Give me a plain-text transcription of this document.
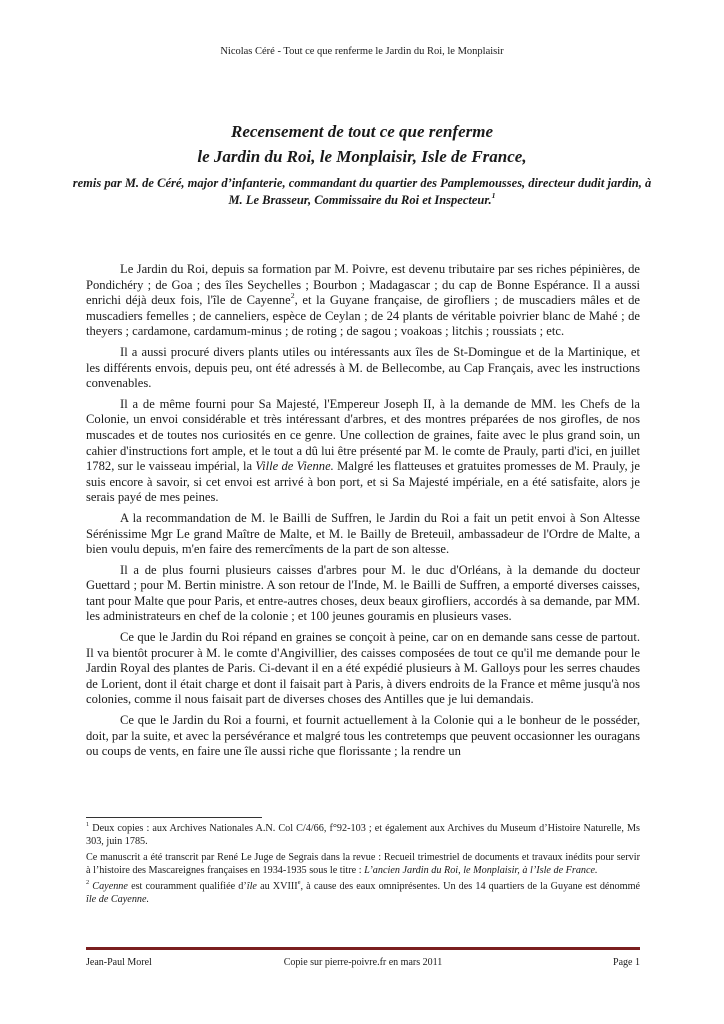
Nicolas Céré - Tout ce que renferme le Jardin du Roi, le Monplaisir
Recensement de tout ce que renferme
le Jardin du Roi, le Monplaisir, Isle de France,
remis par M. de Céré, major d’infanterie, commandant du quartier des Pamplemousses, directeur dudit jardin, à M. Le Brasseur, Commissaire du Roi et Inspecteur.$^1$

Le Jardin du Roi, depuis sa formation par M. Poivre, est devenu tributaire par ses riches pépinières, de Pondichéry ; de Goa ; des îles Seychelles ; Bourbon ; Madagascar ; du cap de Bonne Espérance. Il a aussi enrichi déjà deux fois, l'île de Cayenne$^2$, et la Guyane française, de girofliers ; de muscadiers mâles et de muscadiers femelles ; de canneliers, espèce de Ceylan ; de 24 plants de véritable poivrier blanc de Mahé ; de theyers ; cardamone, cardamum-minus ; de roting ; de sagou ; voakoas ; litchis ; roussiats ; etc.

Il a aussi procuré divers plants utiles ou intéressants aux îles de St-Domingue et de la Martinique, et les différents envois, depuis peu, ont été adressés à M. de Bellecombe, au Cap Français, avec les instructions convenables.

Il a de même fourni pour Sa Majesté, l'Empereur Joseph II, à la demande de MM. les Chefs de la Colonie, un envoi considérable et très intéressant d'arbres, et des montres préparées de nos girofles, de nos muscades et de toutes nos curiosités en ce genre. Une collection de graines, faite avec le plus grand soin, un cahier d'instructions fort ample, et le tout a dû lui être présenté par M. le comte de Prauly, parti d'ici, en juillet 1782, sur le vaisseau impérial, la Ville de Vienne. Malgré les flatteuses et gratuites promesses de M. Prauly, je suis encore à savoir, si cet envoi est arrivé à bon port, et si Sa Majesté impériale, en a été satisfaite, alors je serais payé de mes peines.

A la recommandation de M. le Bailli de Suffren, le Jardin du Roi a fait un petit envoi à Son Altesse Sérénissime Mgr Le grand Maître de Malte, et M. le Bailly de Breteuil, ambassadeur de l'Ordre de Malte, a bien voulu depuis, m'en faire des remercîments de la part de son altesse.

Il a de plus fourni plusieurs caisses d'arbres pour M. le duc d'Orléans, à la demande du docteur Guettard ; pour M. Bertin ministre. A son retour de l'Inde, M. le Bailli de Suffren, a emporté diverses caisses, tant pour Malte que pour Paris, et entre-autres choses, deux beaux girofliers, accordés à sa demande, par MM. les administrateurs en chef de la colonie ; et 100 jeunes gouramis en plusieurs vases.

Ce que le Jardin du Roi répand en graines se conçoit à peine, car on en demande sans cesse de partout. Il va bientôt procurer à M. le comte d'Angivillier, des caisses composées de tout ce qu'il me demande pour le Jardin Royal des plantes de Paris. Ci-devant il en a été expédié plusieurs à M. Galloys pour les serres chaudes de Lorient, dont il était charge et dont il faisait part à Paris, à divers endroits de la France et même jusqu'à nos colonies, comme il nous faisait part de diverses choses des Antilles que je lui demandais.

Ce que le Jardin du Roi a fourni, et fournit actuellement à la Colonie qui a le bonheur de le posséder, doit, par la suite, et avec la persévérance et malgré tous les contretemps que peuvent occasionner les ouragans ou coups de vents, en faire une île aussi riche que florissante ; la rendre un

$^1$ Deux copies : aux Archives Nationales A.N. Col C/4/66, f°92-103 ; et également aux Archives du Museum d’Histoire Naturelle, Ms 303, juin 1785.

Ce manuscrit a été transcrit par René Le Juge de Segrais dans la revue : Recueil trimestriel de documents et travaux inédits pour servir à l’histoire des Mascareignes françaises en 1934-1935 sous le titre : L’ancien Jardin du Roi, le Monplaisir, à l’Isle de France.

$^2$ Cayenne est couramment qualifiée d’île au XVIIIe, à cause des eaux omniprésentes. Un des 14 quartiers de la Guyane est dénommé île de Cayenne.

Jean-Paul Morel	Copie sur pierre-poivre.fr en mars 2011	Page 1
